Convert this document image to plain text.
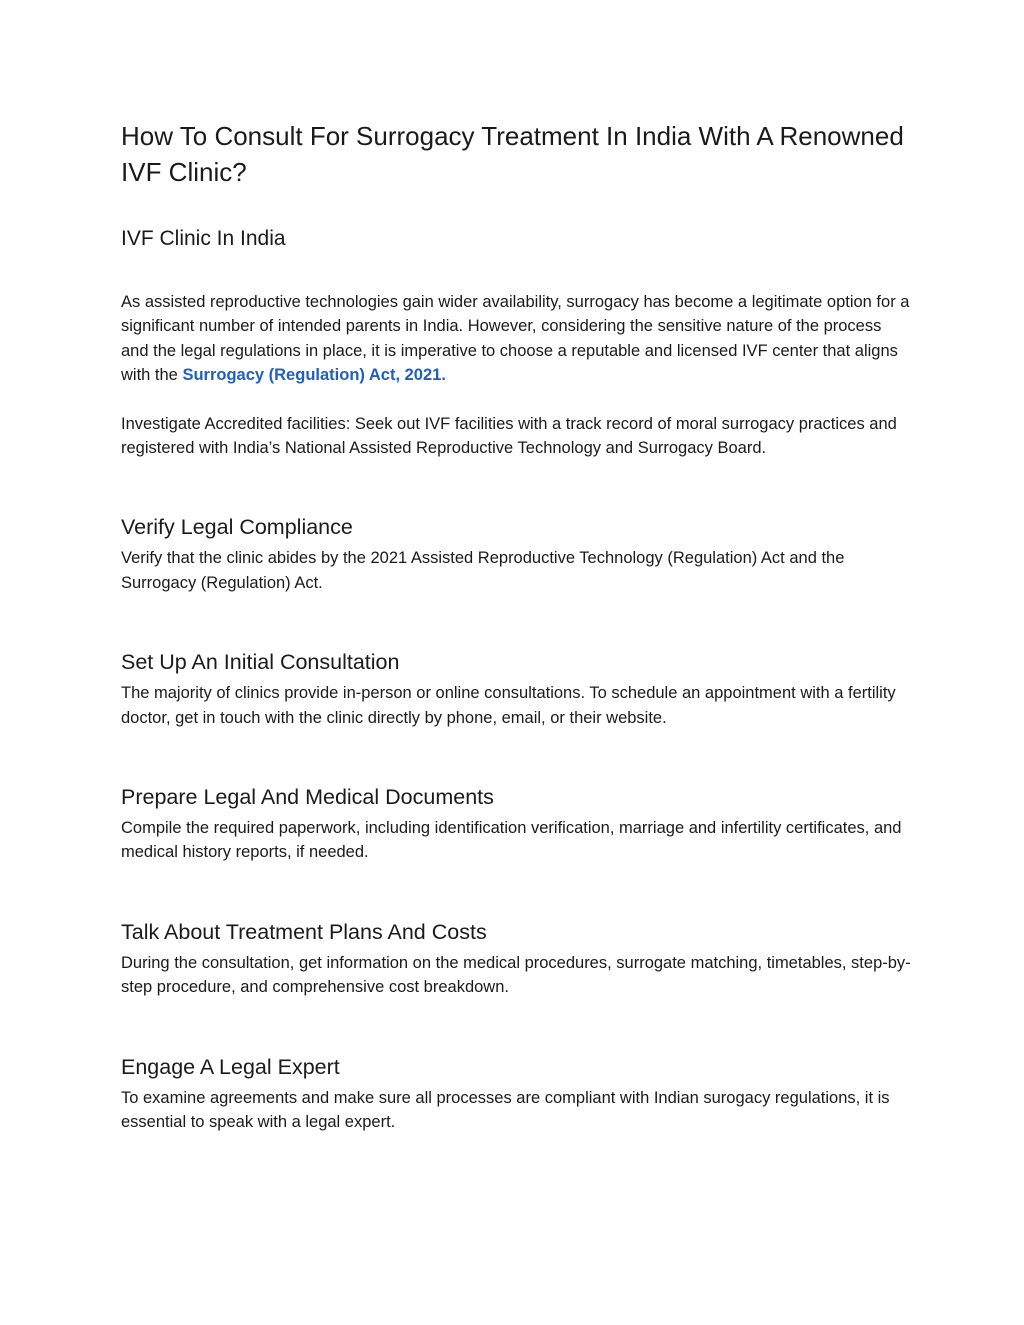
How To Consult For Surrogacy Treatment In India With A Renowned IVF Clinic?
IVF Clinic In India

As assisted reproductive technologies gain wider availability, surrogacy has become a legitimate option for a significant number of intended parents in India. However, considering the sensitive nature of the process and the legal regulations in place, it is imperative to choose a reputable and licensed IVF center that aligns with the Surrogacy (Regulation) Act, 2021.

Investigate Accredited facilities: Seek out IVF facilities with a track record of moral surrogacy practices and registered with India’s National Assisted Reproductive Technology and Surrogacy Board.

Verify Legal Compliance

Verify that the clinic abides by the 2021 Assisted Reproductive Technology (Regulation) Act and the Surrogacy (Regulation) Act.

Set Up An Initial Consultation

The majority of clinics provide in-person or online consultations. To schedule an appointment with a fertility doctor, get in touch with the clinic directly by phone, email, or their website.

Prepare Legal And Medical Documents

Compile the required paperwork, including identification verification, marriage and infertility certificates, and medical history reports, if needed.

Talk About Treatment Plans And Costs

During the consultation, get information on the medical procedures, surrogate matching, timetables, step-by-step procedure, and comprehensive cost breakdown.

Engage A Legal Expert

To examine agreements and make sure all processes are compliant with Indian surogacy regulations, it is essential to speak with a legal expert.
